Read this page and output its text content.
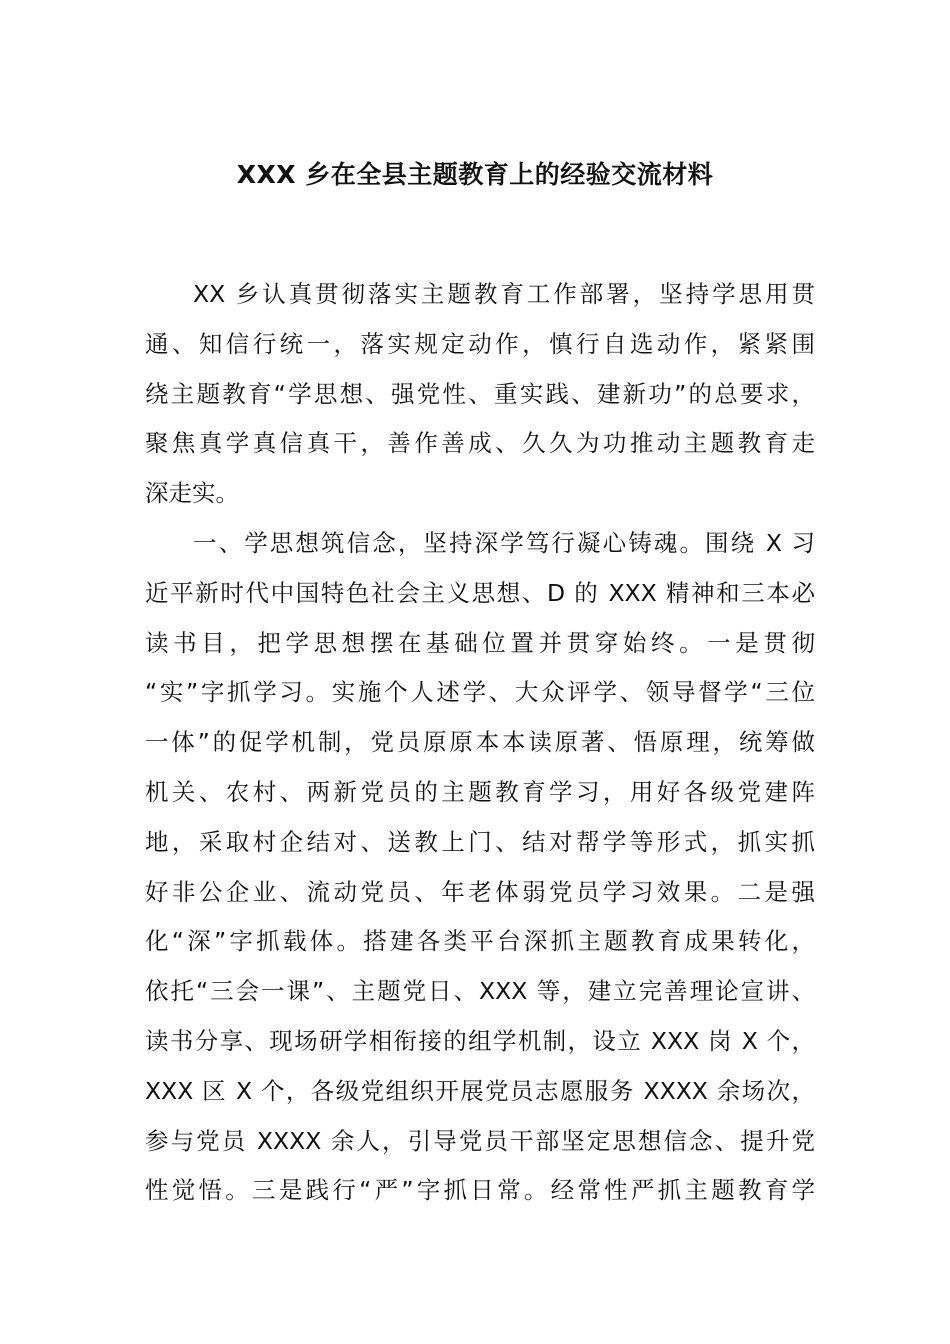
XXX 乡在全县主题教育上的经验交流材料
XX 乡认真贯彻落实主题教育工作部署，坚持学思用贯
通、知信行统一，落实规定动作，慎行自选动作，紧紧围
绕主题教育“学思想、强党性、重实践、建新功”的总要求，
聚焦真学真信真干，善作善成、久久为功推动主题教育走
深走实。
一、学思想筑信念，坚持深学笃行凝心铸魂。围绕 X 习
近平新时代中国特色社会主义思想、D 的 XXX 精神和三本必
读书目，把学思想摆在基础位置并贯穿始终。一是贯彻
“实”字抓学习。实施个人述学、大众评学、领导督学“三位
一体”的促学机制，党员原原本本读原著、悟原理，统筹做
机关、农村、两新党员的主题教育学习，用好各级党建阵
地，采取村企结对、送教上门、结对帮学等形式，抓实抓
好非公企业、流动党员、年老体弱党员学习效果。二是强
化“深”字抓载体。搭建各类平台深抓主题教育成果转化，
依托“三会一课”、主题党日、XXX 等，建立完善理论宣讲、
读书分享、现场研学相衔接的组学机制，设立 XXX 岗 X 个，
XXX 区 X 个，各级党组织开展党员志愿服务 XXXX 余场次，
参与党员 XXXX 余人，引导党员干部坚定思想信念、提升党
性觉悟。三是践行“严”字抓日常。经常性严抓主题教育学
